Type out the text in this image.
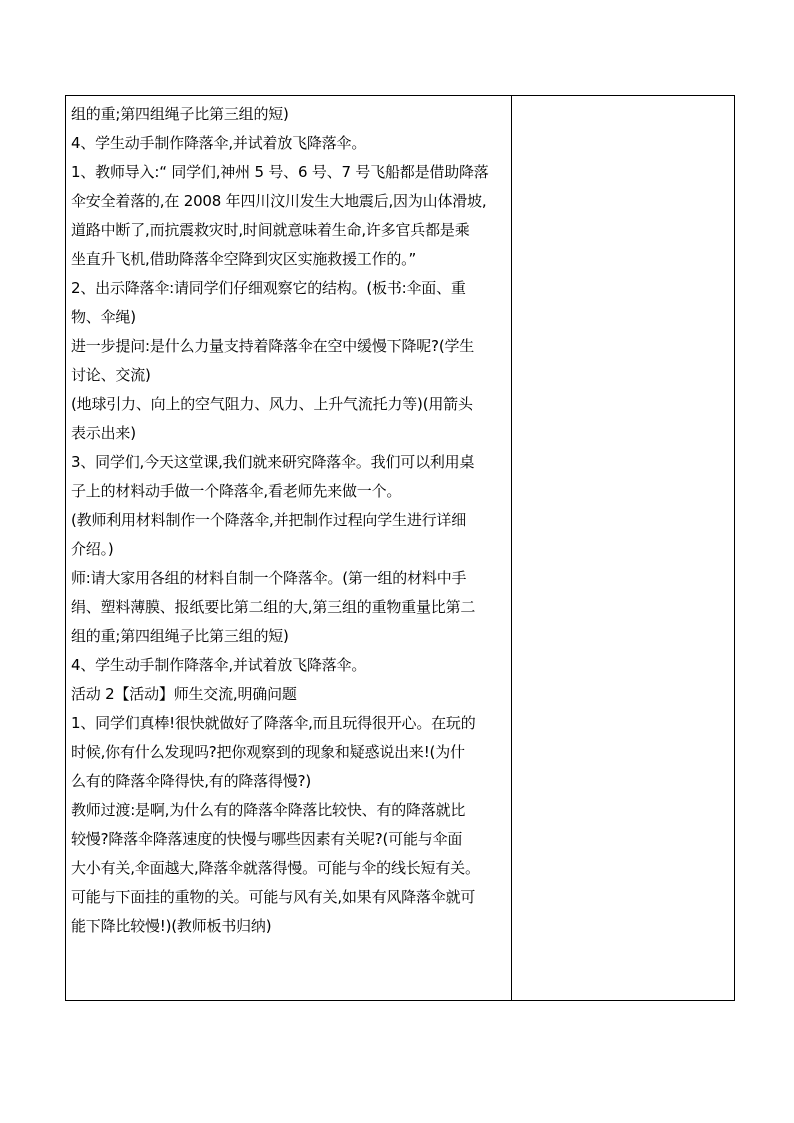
组的重;第四组绳子比第三组的短)
4、学生动手制作降落伞,并试着放飞降落伞。
1、教师导入:“ 同学们,神州 5 号、6 号、7 号飞船都是借助降落
伞安全着落的,在 2008 年四川汶川发生大地震后,因为山体滑坡,
道路中断了,而抗震救灾时,时间就意味着生命,许多官兵都是乘
坐直升飞机,借助降落伞空降到灾区实施救援工作的。”
2、出示降落伞:请同学们仔细观察它的结构。(板书:伞面、重
物、伞绳)
进一步提问:是什么力量支持着降落伞在空中缓慢下降呢?(学生
讨论、交流)
(地球引力、向上的空气阻力、风力、上升气流托力等)(用箭头
表示出来)
3、同学们,今天这堂课,我们就来研究降落伞。我们可以利用桌
子上的材料动手做一个降落伞,看老师先来做一个。
(教师利用材料制作一个降落伞,并把制作过程向学生进行详细
介绍。)
师:请大家用各组的材料自制一个降落伞。(第一组的材料中手
绢、塑料薄膜、报纸要比第二组的大,第三组的重物重量比第二
组的重;第四组绳子比第三组的短)
4、学生动手制作降落伞,并试着放飞降落伞。
活动 2【活动】师生交流,明确问题
1、同学们真棒!很快就做好了降落伞,而且玩得很开心。在玩的
时候,你有什么发现吗?把你观察到的现象和疑惑说出来!(为什
么有的降落伞降得快,有的降落得慢?)
教师过渡:是啊,为什么有的降落伞降落比较快、有的降落就比
较慢?降落伞降落速度的快慢与哪些因素有关呢?(可能与伞面
大小有关,伞面越大,降落伞就落得慢。可能与伞的线长短有关。
可能与下面挂的重物的关。可能与风有关,如果有风降落伞就可
能下降比较慢!)(教师板书归纳)
